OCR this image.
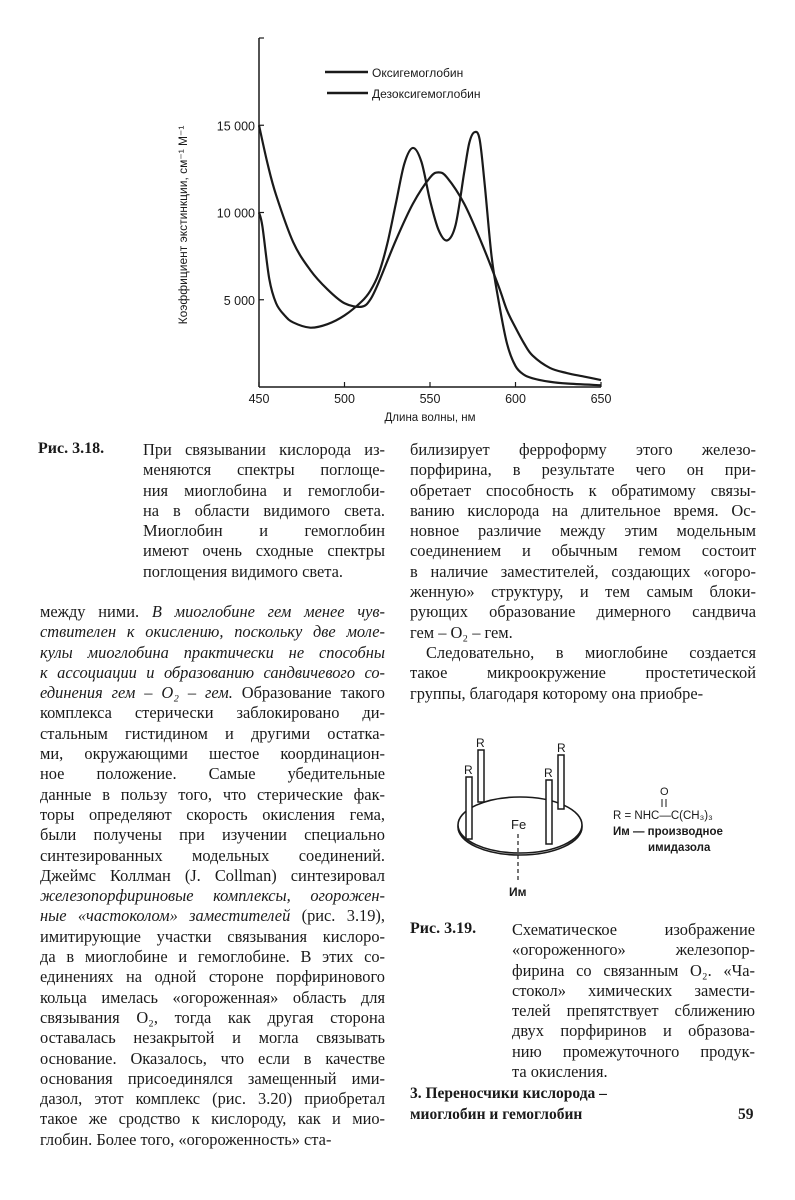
450	500	550	600	650
5 000
10 000
15 000
Оксигемоглобин
Дезоксигемоглобин
Длина волны, нм
Коэффициент экстинкции, см⁻¹ М⁻¹
Рис. 3.18. При связывании кислорода из-
меняются спектры поглоще-
ния миоглобина и гемоглоби-
на в области видимого света.
Миоглобин и гемоглобин
имеют очень сходные спектры
поглощения видимого света.
между ними. В миоглобине гем менее чув-
ствителен к окислению, поскольку две моле-
кулы миоглобина практически не способны
к ассоциации и образованию сандвичевого со-
единения гем – O₂ – гем. Образование такого
комплекса стерически заблокировано ди-
стальным гистидином и другими остатка-
ми, окружающими шестое координацион-
ное положение. Самые убедительные
данные в пользу того, что стерические фак-
торы определяют скорость окисления гема,
были получены при изучении специально
синтезированных модельных соединений.
Джеймс Коллман (J. Collman) синтезировал
железопорфириновые комплексы, огорожен-
ные «частоколом» заместителей (рис. 3.19),
имитирующие участки связывания кислоро-
да в миоглобине и гемоглобине. В этих со-
единениях на одной стороне порфиринового
кольца имелась «огороженная» область для
связывания O₂, тогда как другая сторона
оставалась незакрытой и могла связывать
основание. Оказалось, что если в качестве
основания присоединялся замещенный ими-
дазол, этот комплекс (рис. 3.20) приобретал
такое же сродство к кислороду, как и мио-
глобин. Более того, «огороженность» ста-
билизирует ферроформу этого железо-
порфирина, в результате чего он при-
обретает способность к обратимому связы-
ванию кислорода на длительное время. Ос-
новное различие между этим модельным
соединением и обычным гемом состоит
в наличие заместителей, создающих «огоро-
женную» структуру, и тем самым блоки-
рующих образование димерного сандвича
гем – O₂ – гем.
Следовательно, в миоглобине создается
такое микроокружение простетической
группы, благодаря которому она приобре-
R	R
R	R
Fe
Им
O
R = NHC—C(CH₃)₃
Им — производное
имидазола
Рис. 3.19. Схематическое изображение
«огороженного» железопор-
фирина со связанным O₂. «Ча-
стокол» химических замести-
телей препятствует сближению
двух порфиринов и образова-
нию промежуточного продук-
та окисления.
3. Переносчики кислорода –
миоглобин и гемоглобин	59
